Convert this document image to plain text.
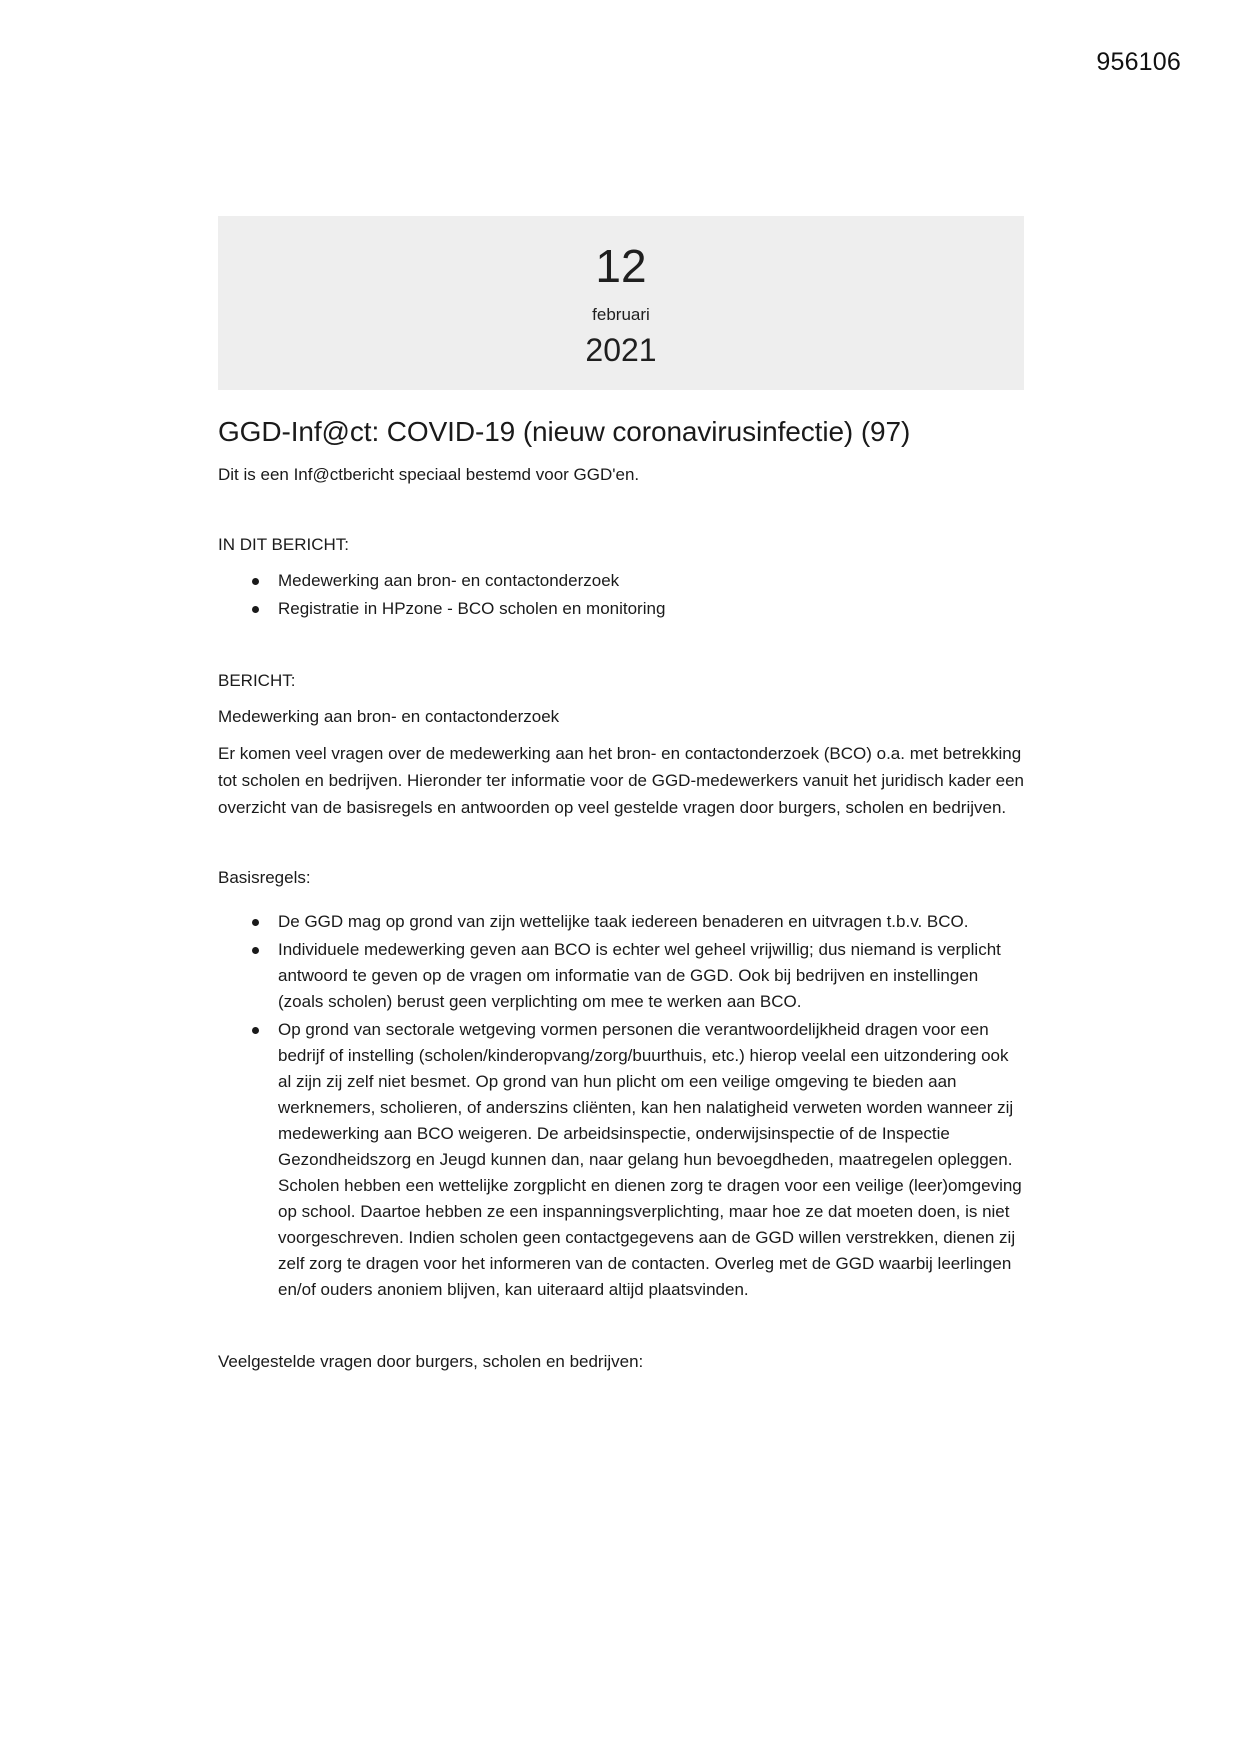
956106
12
februari
2021
GGD-Inf@ct: COVID-19 (nieuw coronavirusinfectie) (97)

Dit is een Inf@ctbericht speciaal bestemd voor GGD'en.

IN DIT BERICHT:

Medewerking aan bron- en contactonderzoek
Registratie in HPzone - BCO scholen en monitoring

BERICHT:

Medewerking aan bron- en contactonderzoek

Er komen veel vragen over de medewerking aan het bron- en contactonderzoek (BCO) o.a. met betrekking tot scholen en bedrijven. Hieronder ter informatie voor de GGD-medewerkers vanuit het juridisch kader een overzicht van de basisregels en antwoorden op veel gestelde vragen door burgers, scholen en bedrijven.

Basisregels:

De GGD mag op grond van zijn wettelijke taak iedereen benaderen en uitvragen t.b.v. BCO.
Individuele medewerking geven aan BCO is echter wel geheel vrijwillig; dus niemand is verplicht antwoord te geven op de vragen om informatie van de GGD. Ook bij bedrijven en instellingen (zoals scholen) berust geen verplichting om mee te werken aan BCO.
Op grond van sectorale wetgeving vormen personen die verantwoordelijkheid dragen voor een bedrijf of instelling (scholen/kinderopvang/zorg/buurthuis, etc.) hierop veelal een uitzondering ook al zijn zij zelf niet besmet. Op grond van hun plicht om een veilige omgeving te bieden aan werknemers, scholieren, of anderszins cliënten, kan hen nalatigheid verweten worden wanneer zij medewerking aan BCO weigeren. De arbeidsinspectie, onderwijsinspectie of de Inspectie Gezondheidszorg en Jeugd kunnen dan, naar gelang hun bevoegdheden, maatregelen opleggen. Scholen hebben een wettelijke zorgplicht en dienen zorg te dragen voor een veilige (leer)omgeving op school. Daartoe hebben ze een inspanningsverplichting, maar hoe ze dat moeten doen, is niet voorgeschreven. Indien scholen geen contactgegevens aan de GGD willen verstrekken, dienen zij zelf zorg te dragen voor het informeren van de contacten. Overleg met de GGD waarbij leerlingen en/of ouders anoniem blijven, kan uiteraard altijd plaatsvinden.

Veelgestelde vragen door burgers, scholen en bedrijven:
